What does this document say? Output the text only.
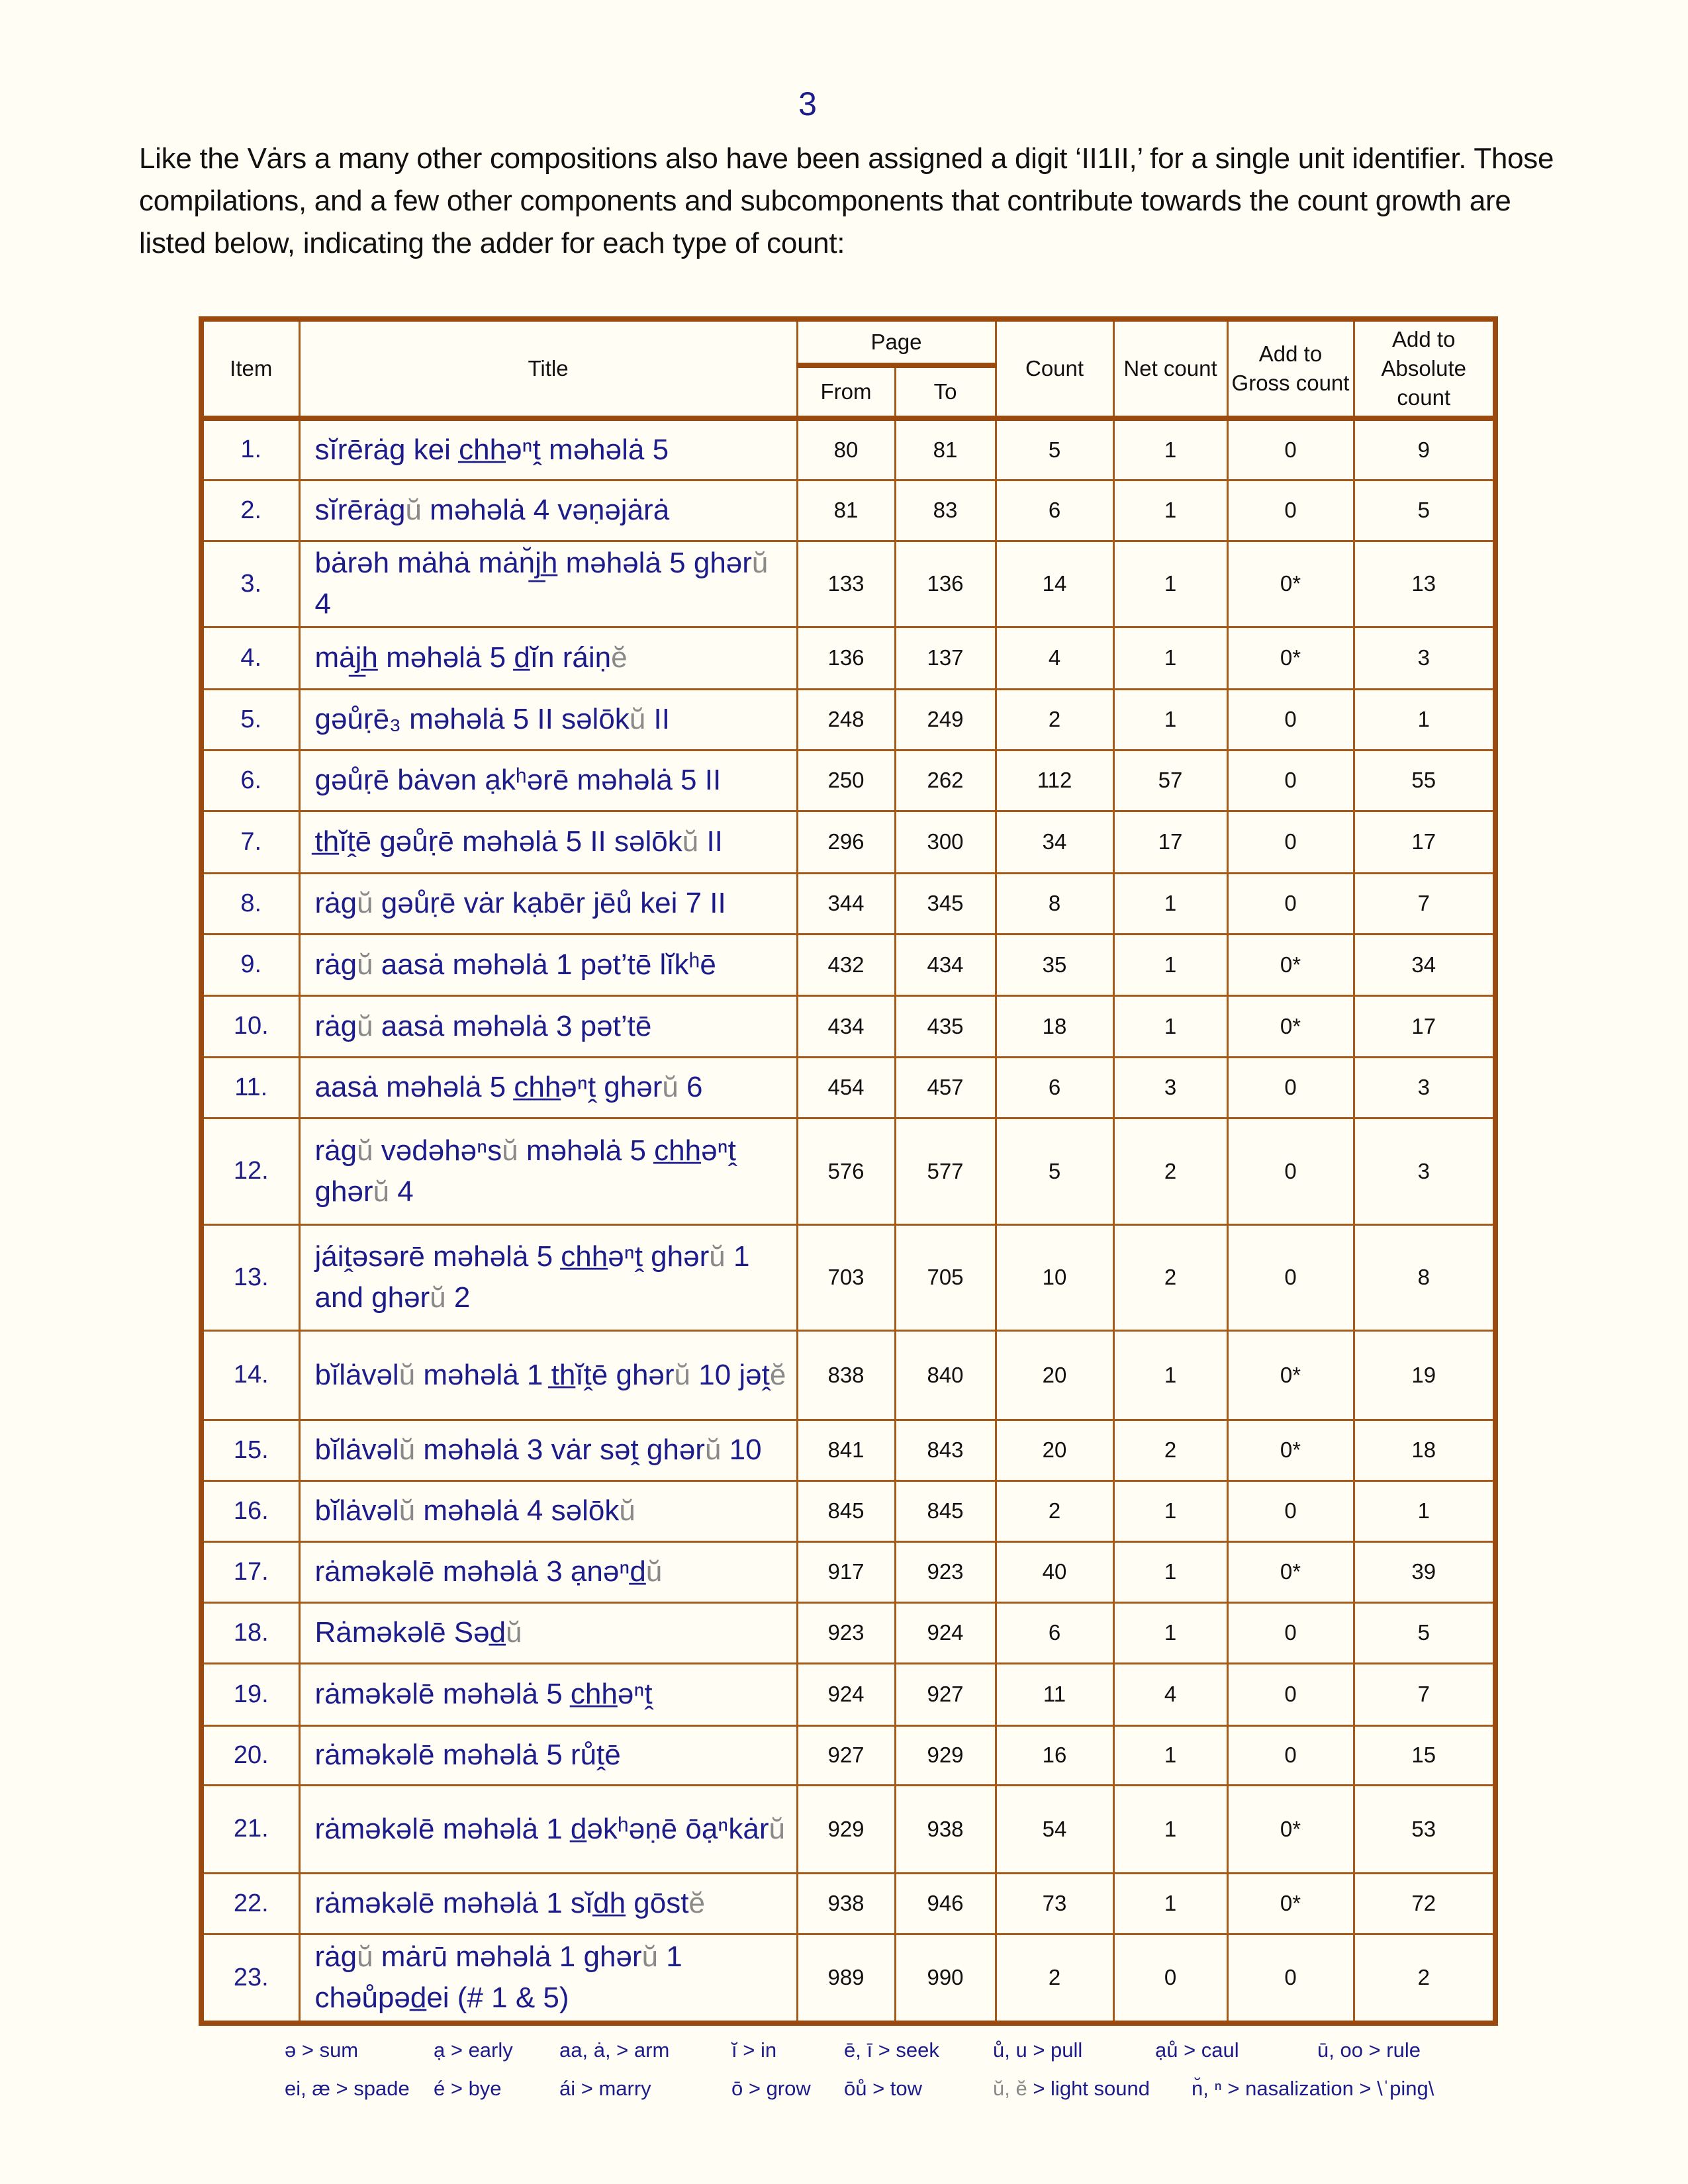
3
Like the Vȧrs a many other compositions also have been assigned a digit ‘II1II,’ for a single unit identifier. Those compilations, and a few other components and subcomponents that contribute towards the count growth are listed below, indicating the adder for each type of count:
Item	Title	Page		Count	Net count	Add to Gross count	Add to Absolute count
		From	To				
1.	sĭrērȧg kei c̲h̲h̲əⁿṱ məhəlȧ 5	80	81	5	1	0	9
2.	sĭrērȧgŭ məhəlȧ 4 vəṇəjȧrȧ	81	83	6	1	0	5
3.	bȧrəh mȧhȧ mȧn̆j̲h̲ məhəlȧ 5 ghərŭ 4	133	136	14	1	0*	13
4.	mȧj̲h̲ məhəlȧ 5 d̲ĭn ráiṇĕ	136	137	4	1	0*	3
5.	gəůṛē₃ məhəlȧ 5 II səlōkŭ II	248	249	2	1	0	1
6.	gəůṛē bȧvən ạkʰərē məhəlȧ 5 II	250	262	112	57	0	55
7.	t̲h̲ĭṱē gəůṛē məhəlȧ 5 II səlōkŭ II	296	300	34	17	0	17
8.	rȧgŭ gəůṛē vȧr kạbēr jēů kei 7 II	344	345	8	1	0	7
9.	rȧgŭ aasȧ məhəlȧ 1 pət’tē lĭkʰē	432	434	35	1	0*	34
10.	rȧgŭ aasȧ məhəlȧ 3 pət’tē	434	435	18	1	0*	17
11.	aasȧ məhəlȧ 5 c̲h̲h̲əⁿṱ ghərŭ 6	454	457	6	3	0	3
12.	rȧgŭ vədəhəⁿsŭ məhəlȧ 5 c̲h̲h̲əⁿṱ ghərŭ 4	576	577	5	2	0	3
13.	jáiṱəsərē məhəlȧ 5 c̲h̲h̲əⁿṱ ghərŭ 1 and ghərŭ 2	703	705	10	2	0	8
14.	bĭlȧvəlŭ məhəlȧ 1 t̲h̲ĭṱē ghərŭ 10 jəṱĕ	838	840	20	1	0*	19
15.	bĭlȧvəlŭ məhəlȧ 3 vȧr səṱ ghərŭ 10	841	843	20	2	0*	18
16.	bĭlȧvəlŭ məhəlȧ 4 səlōkŭ	845	845	2	1	0	1
17.	rȧməkəlē məhəlȧ 3 ạnəⁿd̲ŭ	917	923	40	1	0*	39
18.	Rȧməkəlē Səd̲ŭ	923	924	6	1	0	5
19.	rȧməkəlē məhəlȧ 5 c̲h̲h̲əⁿṱ	924	927	11	4	0	7
20.	rȧməkəlē məhəlȧ 5 růṱē	927	929	16	1	0	15
21.	rȧməkəlē məhəlȧ 1 d̲əkʰəṇē ōạⁿkȧrŭ	929	938	54	1	0*	53
22.	rȧməkəlē məhəlȧ 1 sĭd̲h̲ gōstĕ	938	946	73	1	0*	72
23.	rȧgŭ mȧrū məhəlȧ 1 ghərŭ 1 chəůpəd̲ei (# 1 & 5)	989	990	2	0	0	2
ə > sum	ạ > early aa, ȧ, > arm	ĭ > in	ē, ī > seek	ů, u > pull	ạů > caul	ū, oo > rule
ei, æ > spade é > bye	ái > marry	ō > grow ōů > tow	ŭ, ĕ > light sound n̆, ⁿ > nasalization > \ˈping\
